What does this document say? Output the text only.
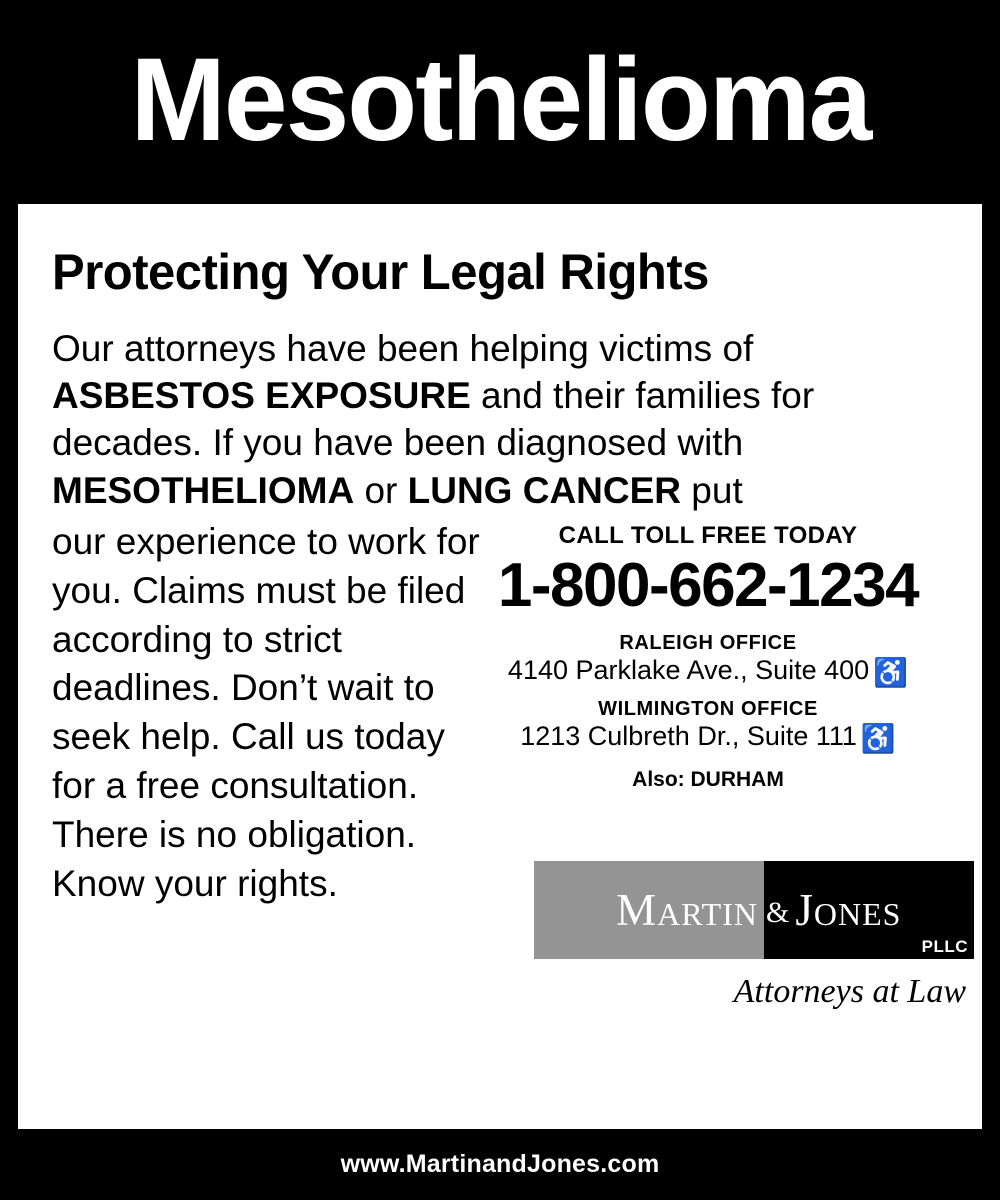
Mesothelioma
Protecting Your Legal Rights

Our attorneys have been helping victims of ASBESTOS EXPOSURE and their families for decades. If you have been diagnosed with MESOTHELIOMA or LUNG CANCER put

our experience to work for you. Claims must be filed according to strict deadlines. Don’t wait to seek help. Call us today for a free consultation. There is no obligation. Know your rights.
CALL TOLL FREE TODAY
1-800-662-1234
RALEIGH OFFICE
4140 Parklake Ave., Suite 400 ♿
WILMINGTON OFFICE
1213 Culbreth Dr., Suite 111 ♿
Also: DURHAM
Martin & Jones
PLLC
Attorneys at Law
www.MartinandJones.com
